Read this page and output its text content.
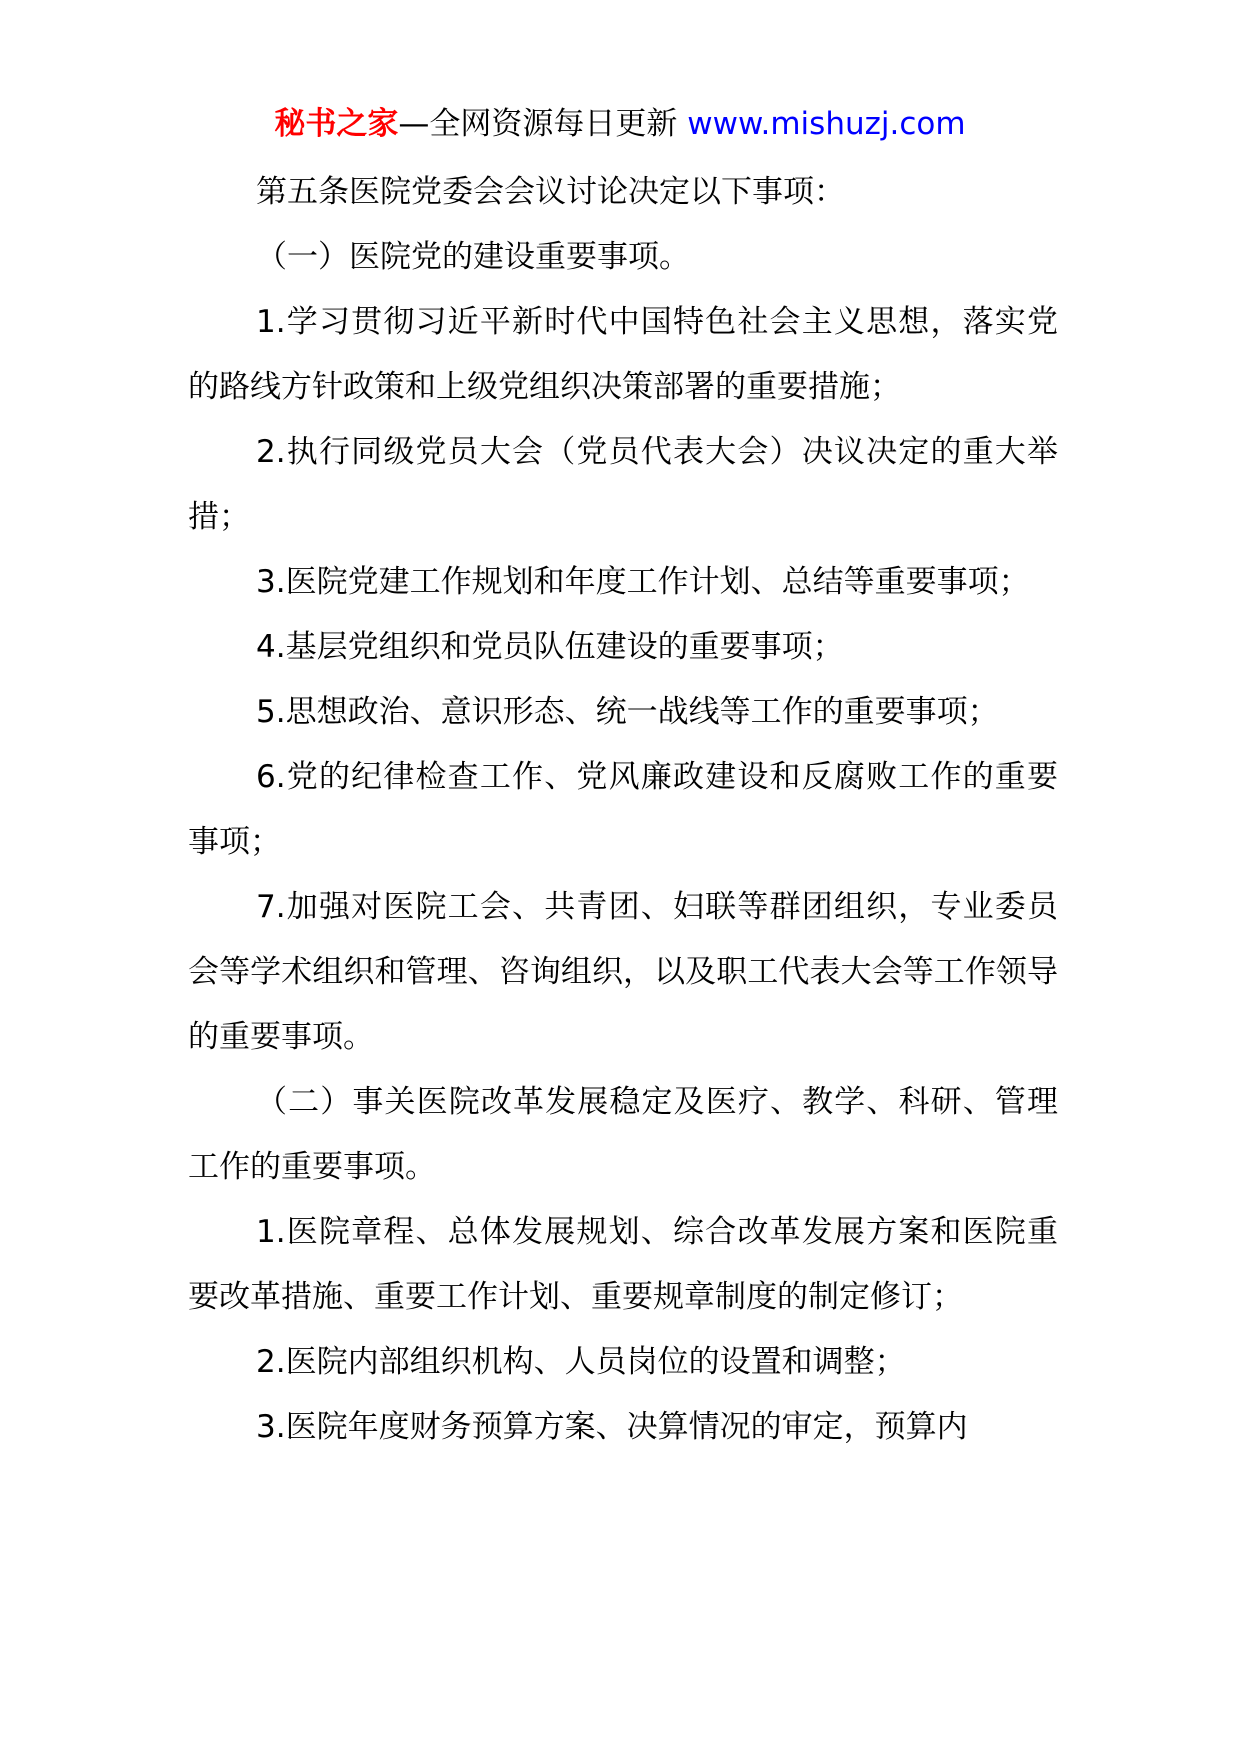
秘书之家—全网资源每日更新 www.mishuzj.com

第五条医院党委会会议讨论决定以下事项：

（一）医院党的建设重要事项。

1.学习贯彻习近平新时代中国特色社会主义思想，落实党的路线方针政策和上级党组织决策部署的重要措施；

2.执行同级党员大会（党员代表大会）决议决定的重大举措；

3.医院党建工作规划和年度工作计划、总结等重要事项；

4.基层党组织和党员队伍建设的重要事项；

5.思想政治、意识形态、统一战线等工作的重要事项；

6.党的纪律检查工作、党风廉政建设和反腐败工作的重要事项；

7.加强对医院工会、共青团、妇联等群团组织，专业委员会等学术组织和管理、咨询组织，以及职工代表大会等工作领导的重要事项。

（二）事关医院改革发展稳定及医疗、教学、科研、管理工作的重要事项。

1.医院章程、总体发展规划、综合改革发展方案和医院重要改革措施、重要工作计划、重要规章制度的制定修订；

2.医院内部组织机构、人员岗位的设置和调整；

3.医院年度财务预算方案、决算情况的审定，预算内
